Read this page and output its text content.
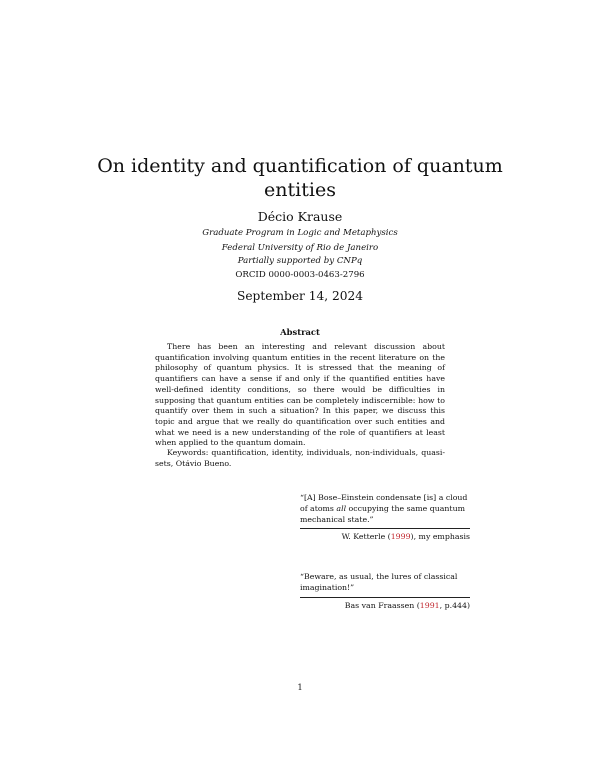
On identity and quantification of quantum entities
Décio Krause
Graduate Program in Logic and Metaphysics
Federal University of Rio de Janeiro
Partially supported by CNPq
ORCID 0000-0003-0463-2796
September 14, 2024
Abstract

There has been an interesting and relevant discussion about quantification involving quantum entities in the recent literature on the philosophy of quantum physics. It is stressed that the meaning of quantifiers can have a sense if and only if the quantified entities have well-defined identity conditions, so there would be difficulties in supposing that quantum entities can be completely indiscernible: how to quantify over them in such a situation? In this paper, we discuss this topic and argue that we really do quantification over such entities and what we need is a new understanding of the role of quantifiers at least when applied to the quantum domain.

Keywords: quantification, identity, individuals, non-individuals, quasi-sets, Otávio Bueno.

“[A] Bose–Einstein condensate [is] a cloud of atoms all occupying the same quantum mechanical state.”

W. Ketterle (1999), my emphasis

“Beware, as usual, the lures of classical imagination!”

Bas van Fraassen (1991, p.444)

1
